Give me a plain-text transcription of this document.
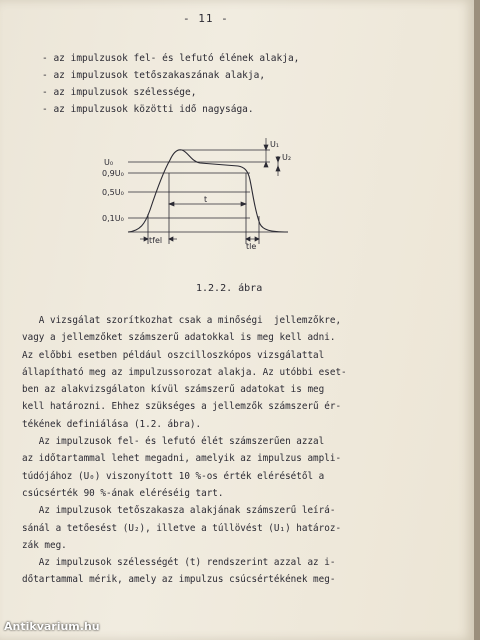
- 11 -
- az impulzusok fel- és lefutó élének alakja,
- az impulzusok tetőszakaszának alakja,
- az impulzusok szélessége,
- az impulzusok közötti idő nagysága.
U₀
0,9U₀
0,5U₀
0,1U₀
U₁
U₂
t
tfel
tle
1.2.2. ábra
A vizsgálat szorítkozhat csak a minőségi  jellemzőkre,
vagy a jellemzőket számszerű adatokkal is meg kell adni.
Az előbbi esetben például oszcilloszkópos vizsgálattal
állapítható meg az impulzussorozat alakja. Az utóbbi eset-
ben az alakvizsgálaton kívül számszerű adatokat is meg
kell határozni. Ehhez szükséges a jellemzők számszerű ér-
tékének definiálása (1.2. ábra).
Az impulzusok fel- és lefutó élét számszerűen azzal
az időtartammal lehet megadni, amelyik az impulzus ampli-
túdójához (U₀) viszonyított 10 %-os érték elérésétől a
csúcsérték 90 %-ának eléréséig tart.
Az impulzusok tetőszakasza alakjának számszerű leírá-
sánál a tetőesést (U₂), illetve a túllövést (U₁) határoz-
zák meg.
Az impulzusok szélességét (t) rendszerint azzal az i-
dőtartammal mérik, amely az impulzus csúcsértékének meg-
Antikvarium.hu
